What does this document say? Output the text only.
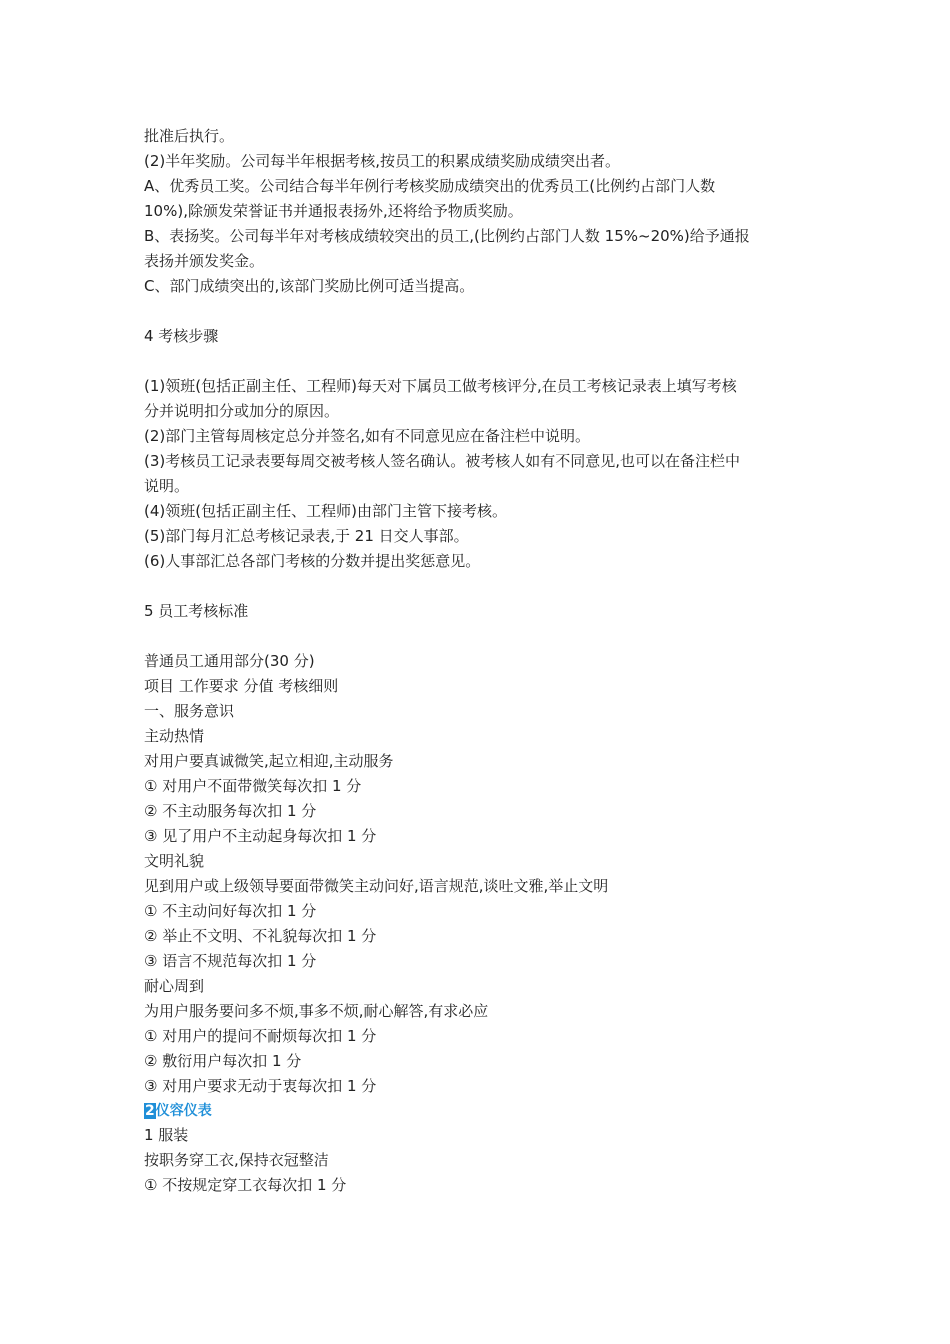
批准后执行。

(2)半年奖励。公司每半年根据考核,按员工的积累成绩奖励成绩突出者。

A、优秀员工奖。公司结合每半年例行考核奖励成绩突出的优秀员工(比例约占部门人数

10%),除颁发荣誉证书并通报表扬外,还将给予物质奖励。

B、表扬奖。公司每半年对考核成绩较突出的员工,(比例约占部门人数 15%~20%)给予通报

表扬并颁发奖金。

C、部门成绩突出的,该部门奖励比例可适当提高。

4 考核步骤

(1)领班(包括正副主任、工程师)每天对下属员工做考核评分,在员工考核记录表上填写考核

分并说明扣分或加分的原因。

(2)部门主管每周核定总分并签名,如有不同意见应在备注栏中说明。

(3)考核员工记录表要每周交被考核人签名确认。被考核人如有不同意见,也可以在备注栏中

说明。

(4)领班(包括正副主任、工程师)由部门主管下接考核。

(5)部门每月汇总考核记录表,于 21 日交人事部。

(6)人事部汇总各部门考核的分数并提出奖惩意见。

5 员工考核标准

普通员工通用部分(30 分)

项目 工作要求 分值 考核细则

一、服务意识

主动热情

对用户要真诚微笑,起立相迎,主动服务

① 对用户不面带微笑每次扣 1 分

② 不主动服务每次扣 1 分

③ 见了用户不主动起身每次扣 1 分

文明礼貌

见到用户或上级领导要面带微笑主动问好,语言规范,谈吐文雅,举止文明

① 不主动问好每次扣 1 分

② 举止不文明、不礼貌每次扣 1 分

③ 语言不规范每次扣 1 分

耐心周到

为用户服务要问多不烦,事多不烦,耐心解答,有求必应

① 对用户的提问不耐烦每次扣 1 分

② 敷衍用户每次扣 1 分

③ 对用户要求无动于衷每次扣 1 分

2仪容仪表

1 服装

按职务穿工衣,保持衣冠整洁

① 不按规定穿工衣每次扣 1 分
